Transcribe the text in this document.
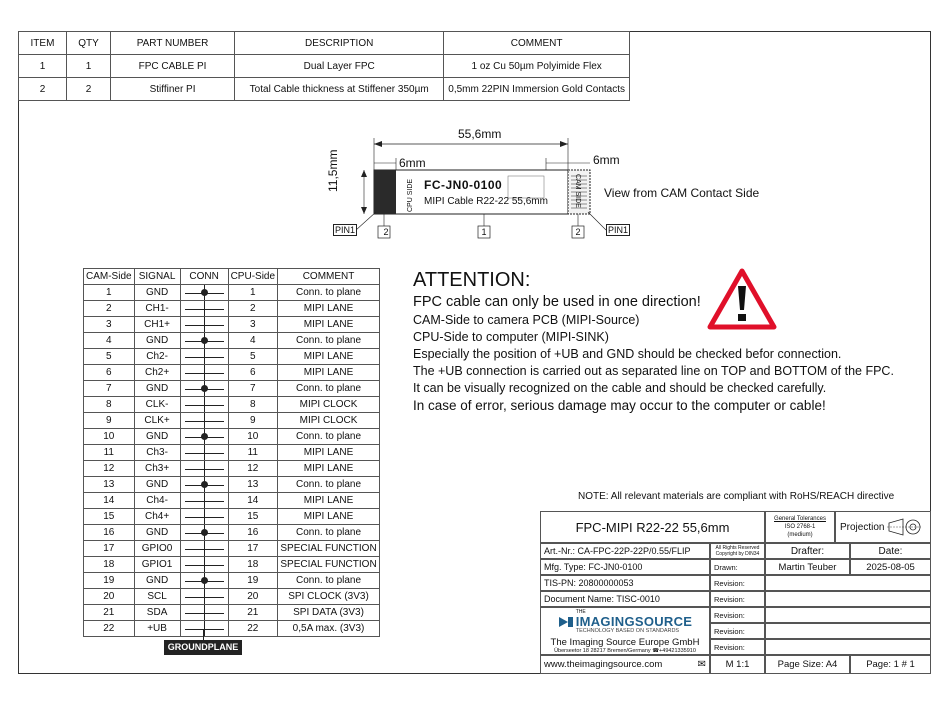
ITEM	QTY	PART NUMBER	DESCRIPTION	COMMENT
1	1	FPC CABLE PI	Dual Layer FPC	1 oz Cu 50µm Polyimide Flex
2	2	Stiffiner PI	Total Cable thickness at Stiffener 350µm	0,5mm 22PIN Immersion Gold Contacts
55,6mm
6mm	6mm
11,5mm
View from CAM Contact Side
FC-JN0-0100
MIPI Cable R22-22 55,6mm
CPU SIDE	CAM SIDE
PIN1	PIN1
2	1	2
CAM-Side	SIGNAL	CONN	CPU-Side	COMMENT
1	GND		1	Conn. to plane
2	CH1-		2	MIPI LANE
3	CH1+		3	MIPI LANE
4	GND		4	Conn. to plane
5	Ch2-		5	MIPI LANE
6	Ch2+		6	MIPI LANE
7	GND		7	Conn. to plane
8	CLK-		8	MIPI CLOCK
9	CLK+		9	MIPI CLOCK
10	GND		10	Conn. to plane
11	Ch3-		11	MIPI LANE
12	Ch3+		12	MIPI LANE
13	GND		13	Conn. to plane
14	Ch4-		14	MIPI LANE
15	Ch4+		15	MIPI LANE
16	GND		16	Conn. to plane
17	GPIO0		17	SPECIAL FUNCTION
18	GPIO1		18	SPECIAL FUNCTION
19	GND		19	Conn. to plane
20	SCL		20	SPI CLOCK (3V3)
21	SDA		21	SPI DATA (3V3)
22	+UB		22	0,5A max. (3V3)
GROUNDPLANE
ATTENTION:
FPC cable can only be used in one direction!
CAM-Side to camera PCB (MIPI-Source)
CPU-Side to computer (MIPI-SINK)
Especially the position of +UB and GND should be checked befor connection.
The +UB connection is carried out as separated line on TOP and BOTTOM of the FPC.
It can be visually recognized on the cable and should be checked carefully.
In case of error, serious damage may occur to the computer or cable!
NOTE: All relevant materials are compliant with RoHS/REACH directive
FPC-MIPI R22-22 55,6mm
General Tolerances
ISO 2768-1
(medium)
Projection
Art.-Nr.: CA-FPC-22P-22P/0.55/FLIP	All Rights Reserved
Copyright by DIN34	Drafter:	Date:
Mfg. Type: FC-JN0-0100	Drawn:	Martin Teuber	2025-08-05
TIS-PN: 20800000053	Revision:
Document Name: TISC-0010	Revision:
THE
IMAGINGSOURCE
TECHNOLOGY BASED ON STANDARDS
The Imaging Source Europe GmbH
Überseetor 18 28217 Bremen/Germany ☎+49421335910
Revision:
Revision:
Revision:
www.theimagingsource.com	✉ M 1:1	Page Size: A4	Page: 1 # 1
